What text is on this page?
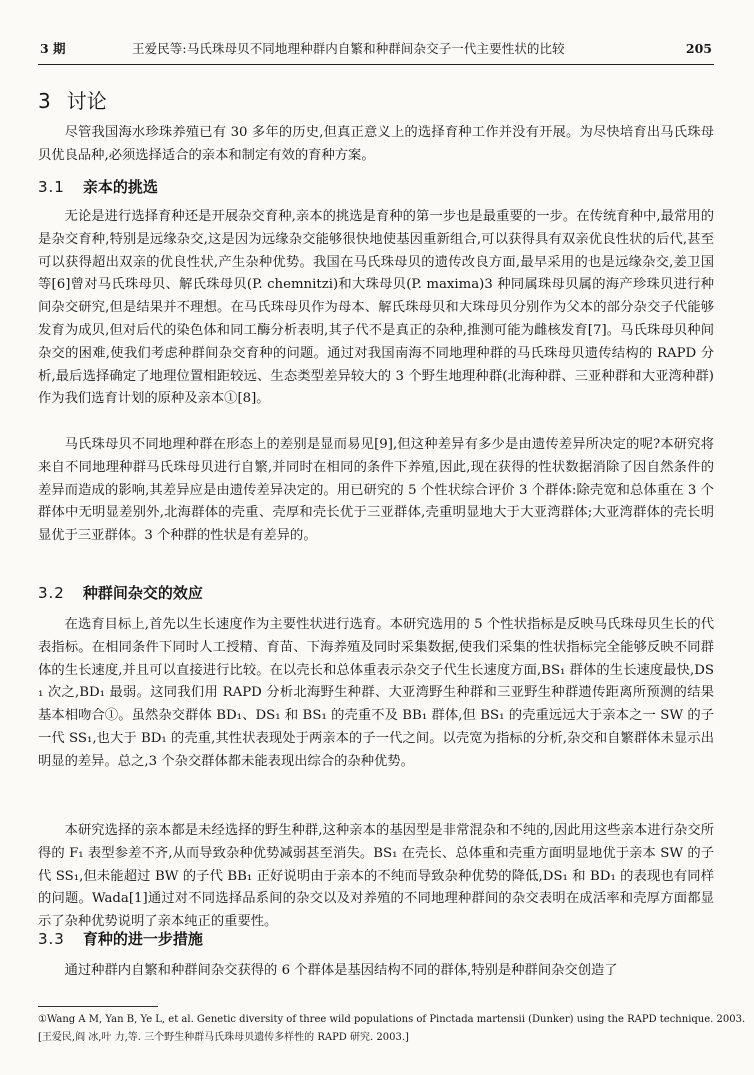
3 期	王爱民等:马氏珠母贝不同地理种群内自繁和种群间杂交子一代主要性状的比较	205
3 讨论

尽管我国海水珍珠养殖已有 30 多年的历史,但真正意义上的选择育种工作并没有开展。为尽快培育出马氏珠母贝优良品种,必须选择适合的亲本和制定有效的育种方案。

3.1 亲本的挑选

无论是进行选择育种还是开展杂交育种,亲本的挑选是育种的第一步也是最重要的一步。在传统育种中,最常用的是杂交育种,特别是远缘杂交,这是因为远缘杂交能够很快地使基因重新组合,可以获得具有双亲优良性状的后代,甚至可以获得超出双亲的优良性状,产生杂种优势。我国在马氏珠母贝的遗传改良方面,最早采用的也是远缘杂交,姜卫国等[6]曾对马氏珠母贝、解氏珠母贝(P. chemnitzi)和大珠母贝(P. maxima)3 种同属珠母贝属的海产珍珠贝进行种间杂交研究,但是结果并不理想。在马氏珠母贝作为母本、解氏珠母贝和大珠母贝分别作为父本的部分杂交子代能够发育为成贝,但对后代的染色体和同工酶分析表明,其子代不是真正的杂种,推测可能为雌核发育[7]。马氏珠母贝种间杂交的困难,使我们考虑种群间杂交育种的问题。通过对我国南海不同地理种群的马氏珠母贝遗传结构的 RAPD 分析,最后选择确定了地理位置相距较远、生态类型差异较大的 3 个野生地理种群(北海种群、三亚种群和大亚湾种群)作为我们选育计划的原种及亲本①[8]。

马氏珠母贝不同地理种群在形态上的差别是显而易见[9],但这种差异有多少是由遗传差异所决定的呢?本研究将来自不同地理种群马氏珠母贝进行自繁,并同时在相同的条件下养殖,因此,现在获得的性状数据消除了因自然条件的差异而造成的影响,其差异应是由遗传差异决定的。用已研究的 5 个性状综合评价 3 个群体:除壳宽和总体重在 3 个群体中无明显差别外,北海群体的壳重、壳厚和壳长优于三亚群体,壳重明显地大于大亚湾群体;大亚湾群体的壳长明显优于三亚群体。3 个种群的性状是有差异的。

3.2 种群间杂交的效应

在选育目标上,首先以生长速度作为主要性状进行选育。本研究选用的 5 个性状指标是反映马氏珠母贝生长的代表指标。在相同条件下同时人工授精、育苗、下海养殖及同时采集数据,使我们采集的性状指标完全能够反映不同群体的生长速度,并且可以直接进行比较。在以壳长和总体重表示杂交子代生长速度方面,BS₁ 群体的生长速度最快,DS₁ 次之,BD₁ 最弱。这同我们用 RAPD 分析北海野生种群、大亚湾野生种群和三亚野生种群遗传距离所预测的结果基本相吻合①。虽然杂交群体 BD₁、DS₁ 和 BS₁ 的壳重不及 BB₁ 群体,但 BS₁ 的壳重远远大于亲本之一 SW 的子一代 SS₁,也大于 BD₁ 的壳重,其性状表现处于两亲本的子一代之间。以壳宽为指标的分析,杂交和自繁群体未显示出明显的差异。总之,3 个杂交群体都未能表现出综合的杂种优势。

本研究选择的亲本都是未经选择的野生种群,这种亲本的基因型是非常混杂和不纯的,因此用这些亲本进行杂交所得的 F₁ 表型参差不齐,从而导致杂种优势减弱甚至消失。BS₁ 在壳长、总体重和壳重方面明显地优于亲本 SW 的子代 SS₁,但未能超过 BW 的子代 BB₁ 正好说明由于亲本的不纯而导致杂种优势的降低,DS₁ 和 BD₁ 的表现也有同样的问题。Wada[1]通过对不同选择品系间的杂交以及对养殖的不同地理种群间的杂交表明在成活率和壳厚方面都显示了杂种优势说明了亲本纯正的重要性。

3.3 育种的进一步措施

通过种群内自繁和种群间杂交获得的 6 个群体是基因结构不同的群体,特别是种群间杂交创造了

①Wang A M, Yan B, Ye L, et al. Genetic diversity of three wild populations of Pinctada martensii (Dunker) using the RAPD technique. 2003.
[王爱民,阎 冰,叶 力,等. 三个野生种群马氏珠母贝遗传多样性的 RAPD 研究. 2003.]
